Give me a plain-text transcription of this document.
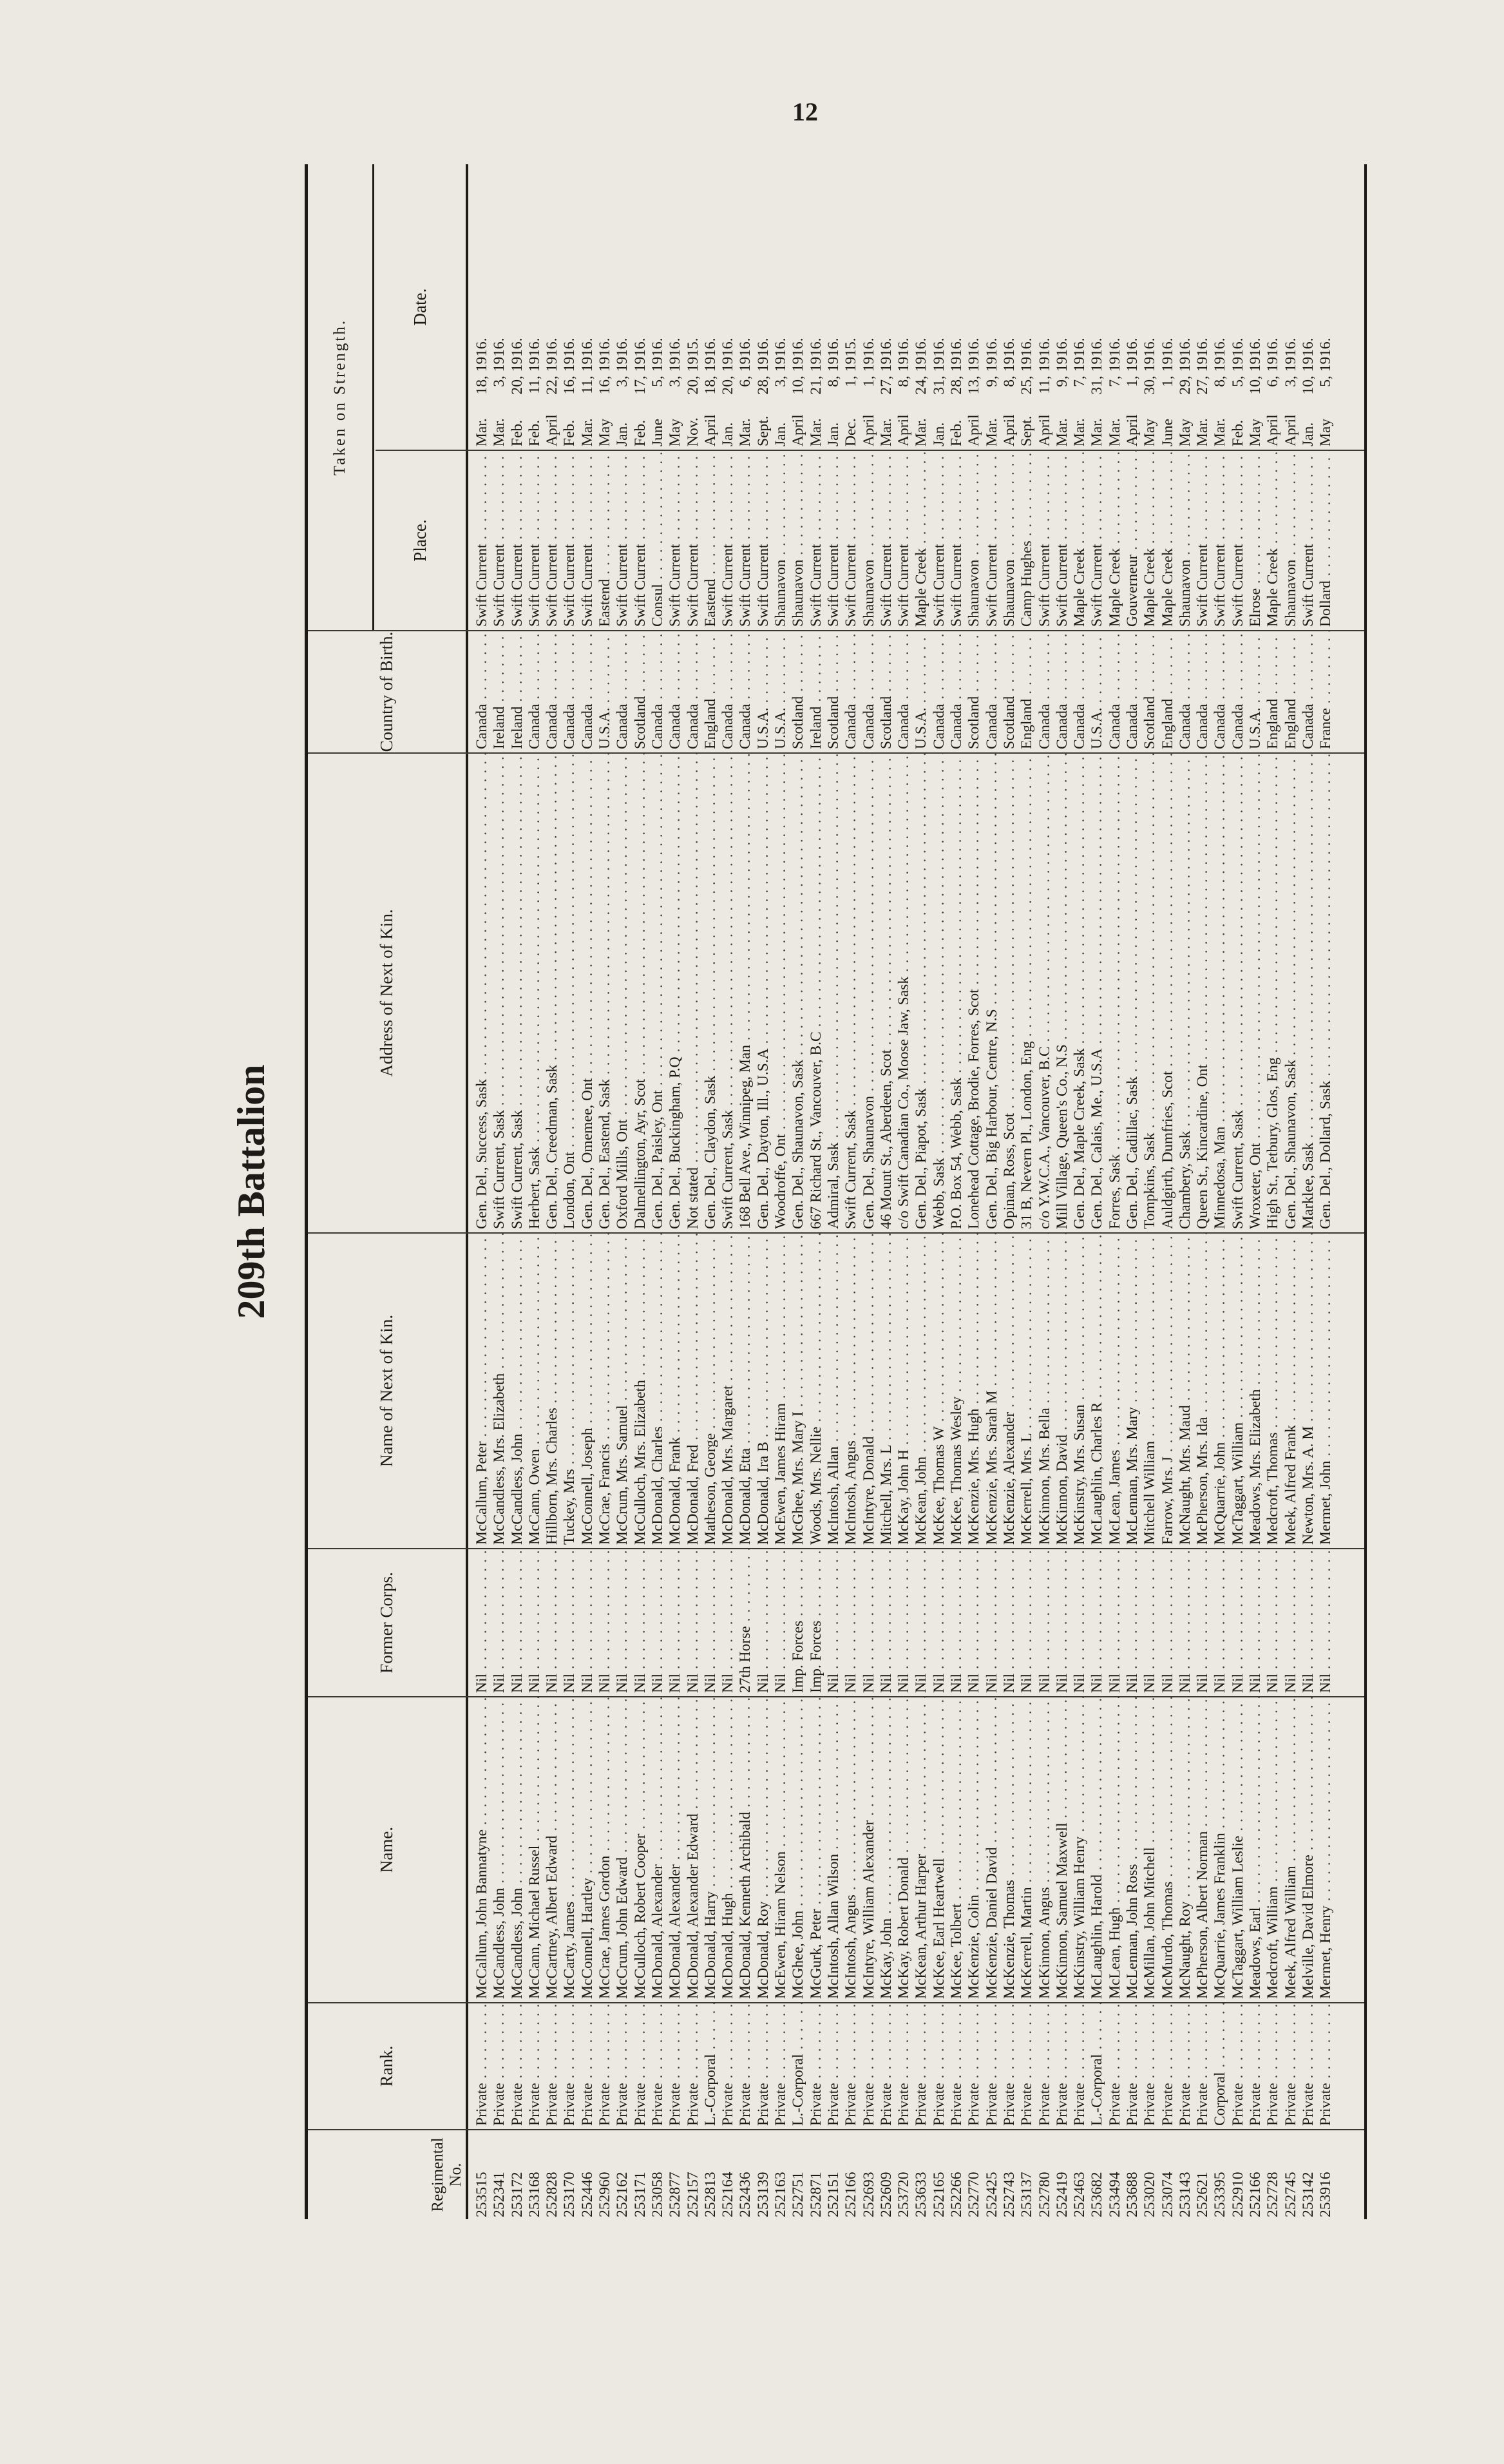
12
209th Battalion
Regimental No.
Rank.
Name.
Former Corps.
Name of Next of Kin.
Address of Next of Kin.
Country of Birth.
Taken on Strength.
Place.
Date.
253515
Private . . .
McCallum, John Bannatyne . . .
Nil . . .
McCallum, Peter . . .
Gen. Del., Success, Sask . . .
Canada . . .
Swift Current . . .
Mar. 18, 1916.
252341
Private . . .
McCandless, John . . .
Nil . . .
McCandless, Mrs. Elizabeth . . .
Swift Current, Sask . . .
Ireland . . .
Swift Current . . .
Mar. 3, 1916.
253172
Private . . .
McCandless, John . . .
Nil . . .
McCandless, John . . .
Swift Current, Sask . . .
Ireland . . .
Swift Current . . .
Feb. 20, 1916.
253168
Private . . .
McCann, Michael Russel . . .
Nil . . .
McCann, Owen . . .
Herbert, Sask . . .
Canada . . .
Swift Current . . .
Feb. 11, 1916.
252828
Private . . .
McCartney, Albert Edward . . .
Nil . . .
Hillborn, Mrs. Charles . . .
Gen. Del., Creedman, Sask . . .
Canada . . .
Swift Current . . .
April 22, 1916.
253170
Private . . .
McCarty, James . . .
Nil . . .
Tuckey, Mrs . . .
London, Ont . . .
Canada . . .
Swift Current . . .
Feb. 16, 1916.
252446
Private . . .
McConnell, Hartley . . .
Nil . . .
McConnell, Joseph . . .
Gen. Del., Omemee, Ont . . .
Canada . . .
Swift Current . . .
Mar. 11, 1916.
252960
Private . . .
McCrae, James Gordon . . .
Nil . . .
McCrae, Francis . . .
Gen. Del., Eastend, Sask . . .
U.S.A. . . .
Eastend . . .
May 16, 1916.
252162
Private . . .
McCrum, John Edward . . .
Nil . . .
McCrum, Mrs. Samuel . . .
Oxford Mills, Ont . . .
Canada . . .
Swift Current . . .
Jan. 3, 1916.
253171
Private . . .
McCulloch, Robert Cooper . . .
Nil . . .
McCulloch, Mrs. Elizabeth . . .
Dalmellington, Ayr, Scot . . .
Scotland . . .
Swift Current . . .
Feb. 17, 1916.
253058
Private . . .
McDonald, Alexander . . .
Nil . . .
McDonald, Charles . . .
Gen. Del., Paisley, Ont . . .
Canada . . .
Consul . . .
June 5, 1916.
252877
Private . . .
McDonald, Alexander . . .
Nil . . .
McDonald, Frank . . .
Gen. Del., Buckingham, P.Q . . .
Canada . . .
Swift Current . . .
May 3, 1916.
252157
Private . . .
McDonald, Alexander Edward . . .
Nil . . .
McDonald, Fred . . .
Not stated . . .
Canada . . .
Swift Current . . .
Nov. 20, 1915.
252813
L.-Corporal . . .
McDonald, Harry . . .
Nil . . .
Matheson, George . . .
Gen. Del., Claydon, Sask . . .
England . . .
Eastend . . .
April 18, 1916.
252164
Private . . .
McDonald, Hugh . . .
Nil . . .
McDonald, Mrs. Margaret . . .
Swift Current, Sask . . .
Canada . . .
Swift Current . . .
Jan. 20, 1916.
252436
Private . . .
McDonald, Kenneth Archibald . . .
27th Horse . . .
McDonald, Etta . . .
168 Bell Ave., Winnipeg, Man . . .
Canada . . .
Swift Current . . .
Mar. 6, 1916.
253139
Private . . .
McDonald, Roy . . .
Nil . . .
McDonald, Ira B . . .
Gen. Del., Dayton, Ill., U.S.A . . .
U.S.A. . . .
Swift Current . . .
Sept. 28, 1916.
252163
Private . . .
McEwen, Hiram Nelson . . .
Nil . . .
McEwen, James Hiram . . .
Woodroffe, Ont . . .
U.S.A. . . .
Shaunavon . . .
Jan. 3, 1916.
252751
L.-Corporal . . .
McGhee, John . . .
Imp. Forces . . .
McGhee, Mrs. Mary I . . .
Gen. Del., Shaunavon, Sask . . .
Scotland . . .
Shaunavon . . .
April 10, 1916.
252871
Private . . .
McGurk, Peter . . .
Imp. Forces . . .
Woods, Mrs. Nellie . . .
667 Richard St., Vancouver, B.C . . .
Ireland . . .
Swift Current . . .
Mar. 21, 1916.
252151
Private . . .
McIntosh, Allan Wilson . . .
Nil . . .
McIntosh, Allan . . .
Admiral, Sask . . .
Scotland . . .
Swift Current . . .
Jan. 8, 1916.
252166
Private . . .
McIntosh, Angus . . .
Nil . . .
McIntosh, Angus . . .
Swift Current, Sask . . .
Canada . . .
Swift Current . . .
Dec. 1, 1915.
252693
Private . . .
McIntyre, William Alexander . . .
Nil . . .
McIntyre, Donald . . .
Gen. Del., Shaunavon . . .
Canada . . .
Shaunavon . . .
April 1, 1916.
252609
Private . . .
McKay, John . . .
Nil . . .
Mitchell, Mrs. L . . .
46 Mount St., Aberdeen, Scot . . .
Scotland . . .
Swift Current . . .
Mar. 27, 1916.
253720
Private . . .
McKay, Robert Donald . . .
Nil . . .
McKay, John H . . .
c/o Swift Canadian Co., Moose Jaw, Sask . . .
Canada . . .
Swift Current . . .
April 8, 1916.
253633
Private . . .
McKean, Arthur Harper . . .
Nil . . .
McKean, John . . .
Gen. Del., Piapot, Sask . . .
U.S.A. . . .
Maple Creek . . .
Mar. 24, 1916.
252165
Private . . .
McKee, Earl Heartwell . . .
Nil . . .
McKee, Thomas W . . .
Webb, Sask . . .
Canada . . .
Swift Current . . .
Jan. 31, 1916.
252266
Private . . .
McKee, Tolbert . . .
Nil . . .
McKee, Thomas Wesley . . .
P.O. Box 54, Webb, Sask . . .
Canada . . .
Swift Current . . .
Feb. 28, 1916.
252770
Private . . .
McKenzie, Colin . . .
Nil . . .
McKenzie, Mrs. Hugh . . .
Lonehead Cottage, Brodie, Forres, Scot . . .
Scotland . . .
Shaunavon . . .
April 13, 1916.
252425
Private . . .
McKenzie, Daniel David . . .
Nil . . .
McKenzie, Mrs. Sarah M . . .
Gen. Del., Big Harbour, Centre, N.S . . .
Canada . . .
Swift Current . . .
Mar. 9, 1916.
252743
Private . . .
McKenzie, Thomas . . .
Nil . . .
McKenzie, Alexander . . .
Opinan, Ross, Scot . . .
Scotland . . .
Shaunavon . . .
April 8, 1916.
253137
Private . . .
McKerrell, Martin . . .
Nil . . .
McKerrell, Mrs. L . . .
31 B, Nevern Pl., London, Eng . . .
England . . .
Camp Hughes . . .
Sept. 25, 1916.
252780
Private . . .
McKinnon, Angus . . .
Nil . . .
McKinnon, Mrs. Bella . . .
c/o Y.W.C.A., Vancouver, B.C . . .
Canada . . .
Swift Current . . .
April 11, 1916.
252419
Private . . .
McKinnon, Samuel Maxwell . . .
Nil . . .
McKinnon, David . . .
Mill Village, Queen's Co., N.S . . .
Canada . . .
Swift Current . . .
Mar. 9, 1916.
252463
Private . . .
McKinstry, William Henry . . .
Nil . . .
McKinstry, Mrs. Susan . . .
Gen. Del., Maple Creek, Sask . . .
Canada . . .
Maple Creek . . .
Mar. 7, 1916.
253682
L.-Corporal . . .
McLaughlin, Harold . . .
Nil . . .
McLaughlin, Charles R . . .
Gen. Del., Calais, Me., U.S.A . . .
U.S.A. . . .
Swift Current . . .
Mar. 31, 1916.
253494
Private . . .
McLean, Hugh . . .
Nil . . .
McLean, James . . .
Forres, Sask . . .
Canada . . .
Maple Creek . . .
Mar. 7, 1916.
253688
Private . . .
McLennan, John Ross . . .
Nil . . .
McLennan, Mrs. Mary . . .
Gen. Del., Cadillac, Sask . . .
Canada . . .
Gouverneur . . .
April 1, 1916.
253020
Private . . .
McMillan, John Mitchell . . .
Nil . . .
Mitchell William . . .
Tompkins, Sask . . .
Scotland . . .
Maple Creek . . .
May 30, 1916.
253074
Private . . .
McMurdo, Thomas . . .
Nil . . .
Farrow, Mrs. J . . .
Auldgirth, Dumfries, Scot . . .
England . . .
Maple Creek . . .
June 1, 1916.
253143
Private . . .
McNaught, Roy . . .
Nil . . .
McNaught, Mrs. Maud . . .
Chambery, Sask . . .
Canada . . .
Shaunavon . . .
May 29, 1916.
252621
Private . . .
McPherson, Albert Norman . . .
Nil . . .
McPherson, Mrs. Ida . . .
Queen St., Kincardine, Ont . . .
Canada . . .
Swift Current . . .
Mar. 27, 1916.
253395
Corporal . . .
McQuarrie, James Franklin . . .
Nil . . .
McQuarrie, John . . .
Minnedosa, Man . . .
Canada . . .
Swift Current . . .
Mar. 8, 1916.
252910
Private . . .
McTaggart, William Leslie . . .
Nil . . .
McTaggart, William . . .
Swift Current, Sask . . .
Canada . . .
Swift Current . . .
Feb. 5, 1916.
252166
Private . . .
Meadows, Earl . . .
Nil . . .
Meadows, Mrs. Elizabeth . . .
Wroxeter, Ont . . .
U.S.A. . . .
Elrose . . .
May 10, 1916.
252728
Private . . .
Medcroft, William . . .
Nil . . .
Medcroft, Thomas . . .
High St., Tetbury, Glos, Eng . . .
England . . .
Maple Creek . . .
April 6, 1916.
252745
Private . . .
Meek, Alfred William . . .
Nil . . .
Meek, Alfred Frank . . .
Gen. Del., Shaunavon, Sask . . .
England . . .
Shaunavon . . .
April 3, 1916.
253142
Private . . .
Melville, David Elmore . . .
Nil . . .
Newton, Mrs. A. M . . .
Marklee, Sask . . .
Canada . . .
Swift Current . . .
Jan. 10, 1916.
253916
Private . . .
Mermet, Henry . . .
Nil . . .
Mermet, John . . .
Gen. Del., Dollard, Sask . . .
France . . .
Dollard . . .
May 5, 1916.
